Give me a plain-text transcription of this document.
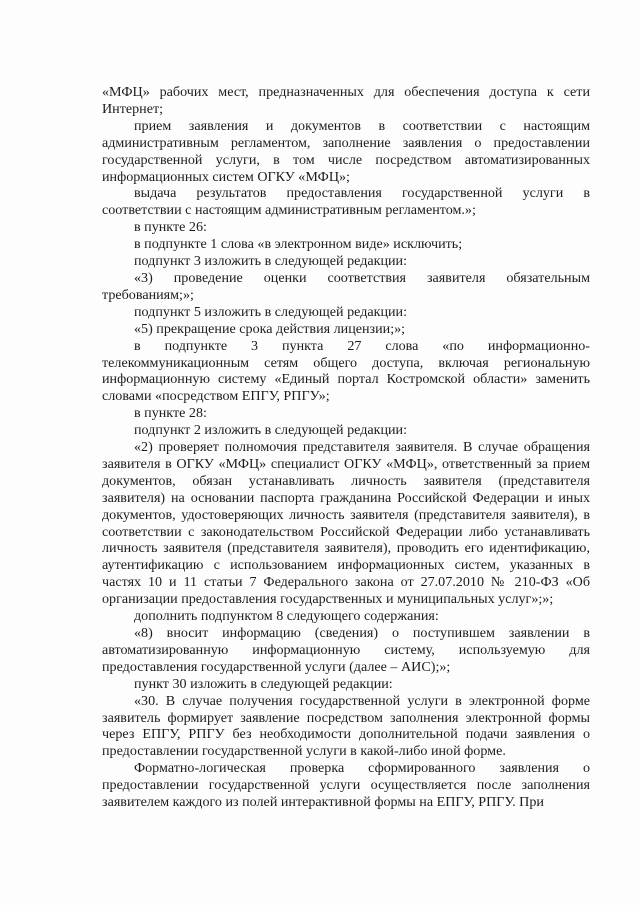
«МФЦ» рабочих мест, предназначенных для обеспечения доступа к сети Интернет;

прием заявления и документов в соответствии с настоящим административным регламентом, заполнение заявления о предоставлении государственной услуги, в том числе посредством автоматизированных информационных систем ОГКУ «МФЦ»;

выдача результатов предоставления государственной услуги в соответствии с настоящим административным регламентом.»;

в пункте 26:

в подпункте 1 слова «в электронном виде» исключить;

подпункт 3 изложить в следующей редакции:

«3) проведение оценки соответствия заявителя обязательным требованиям;»;

подпункт 5 изложить в следующей редакции:

«5) прекращение срока действия лицензии;»;

в подпункте 3 пункта 27 слова «по информационно-телекоммуникационным сетям общего доступа, включая региональную информационную систему «Единый портал Костромской области» заменить словами «посредством ЕПГУ, РПГУ»;

в пункте 28:

подпункт 2 изложить в следующей редакции:

«2) проверяет полномочия представителя заявителя. В случае обращения заявителя в ОГКУ «МФЦ» специалист ОГКУ «МФЦ», ответственный за прием документов, обязан устанавливать личность заявителя (представителя заявителя) на основании паспорта гражданина Российской Федерации и иных документов, удостоверяющих личность заявителя (представителя заявителя), в соответствии с законодательством Российской Федерации либо устанавливать личность заявителя (представителя заявителя), проводить его идентификацию, аутентификацию с использованием информационных систем, указанных в частях 10 и 11 статьи 7 Федерального закона от 27.07.2010 № 210-ФЗ «Об организации предоставления государственных и муниципальных услуг»;»;

дополнить подпунктом 8 следующего содержания:

«8) вносит информацию (сведения) о поступившем заявлении в автоматизированную информационную систему, используемую для предоставления государственной услуги (далее – АИС);»;

пункт 30 изложить в следующей редакции:

«30. В случае получения государственной услуги в электронной форме заявитель формирует заявление посредством заполнения электронной формы через ЕПГУ, РПГУ без необходимости дополнительной подачи заявления о предоставлении государственной услуги в какой-либо иной форме.

Форматно-логическая проверка сформированного заявления о предоставлении государственной услуги осуществляется после заполнения заявителем каждого из полей интерактивной формы на ЕПГУ, РПГУ. При
